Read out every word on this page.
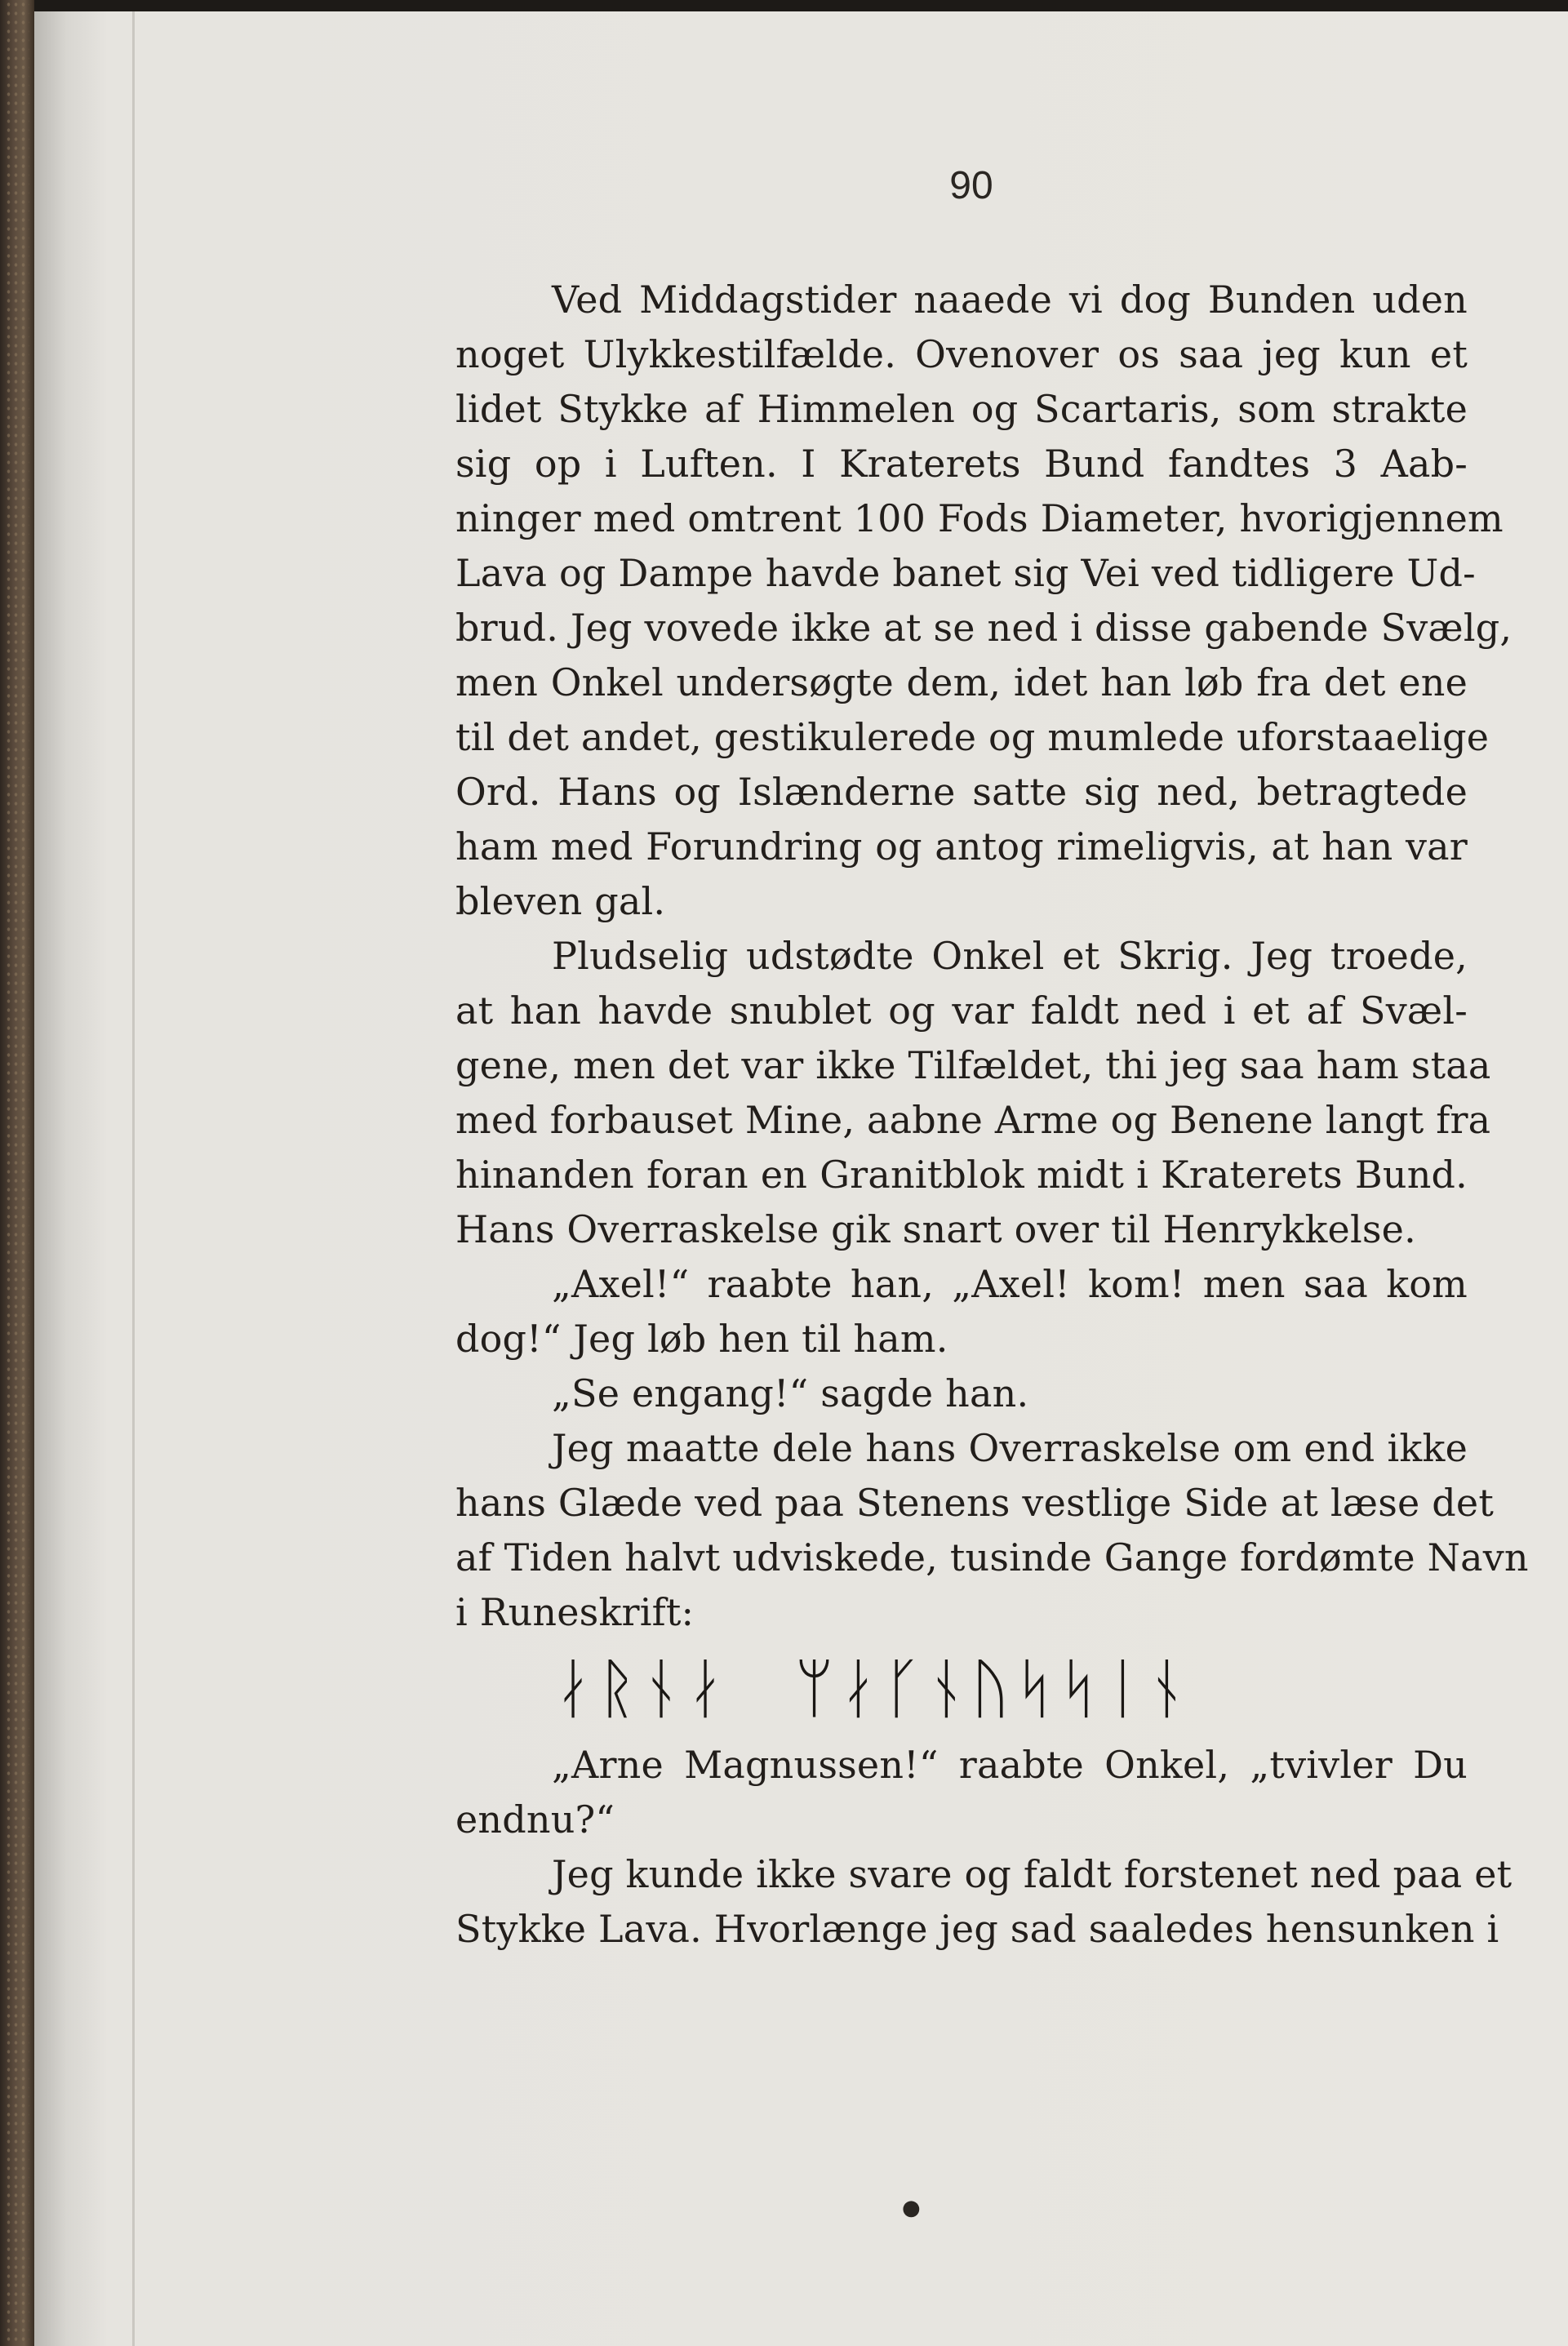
90
Ved Middagstider naaede vi dog Bunden uden
noget Ulykkestilfælde. Ovenover os saa jeg kun et
lidet Stykke af Himmelen og Scartaris, som strakte
sig op i Luften. I Kraterets Bund fandtes 3 Aab-
ninger med omtrent 100 Fods Diameter, hvorigjennem
Lava og Dampe havde banet sig Vei ved tidligere Ud-
brud. Jeg vovede ikke at se ned i disse gabende Svælg,
men Onkel undersøgte dem, idet han løb fra det ene
til det andet, gestikulerede og mumlede uforstaaelige
Ord. Hans og Islænderne satte sig ned, betragtede
ham med Forundring og antog rimeligvis, at han var
bleven gal.
Pludselig udstødte Onkel et Skrig. Jeg troede,
at han havde snublet og var faldt ned i et af Svæl-
gene, men det var ikke Tilfældet, thi jeg saa ham staa
med forbauset Mine, aabne Arme og Benene langt fra
hinanden foran en Granitblok midt i Kraterets Bund.
Hans Overraskelse gik snart over til Henrykkelse.
„Axel!“ raabte han, „Axel! kom! men saa kom
dog!“ Jeg løb hen til ham.
„Se engang!“ sagde han.
Jeg maatte dele hans Overraskelse om end ikke
hans Glæde ved paa Stenens vestlige Side at læse det
af Tiden halvt udviskede, tusinde Gange fordømte Navn
i Runeskrift:
ᛅᚱᚾᛅ ᛘᛅᚴᚾᚢᛋᛋᛁᚾ
„Arne Magnussen!“ raabte Onkel, „tvivler Du
endnu?“
Jeg kunde ikke svare og faldt forstenet ned paa et
Stykke Lava. Hvorlænge jeg sad saaledes hensunken i
●
